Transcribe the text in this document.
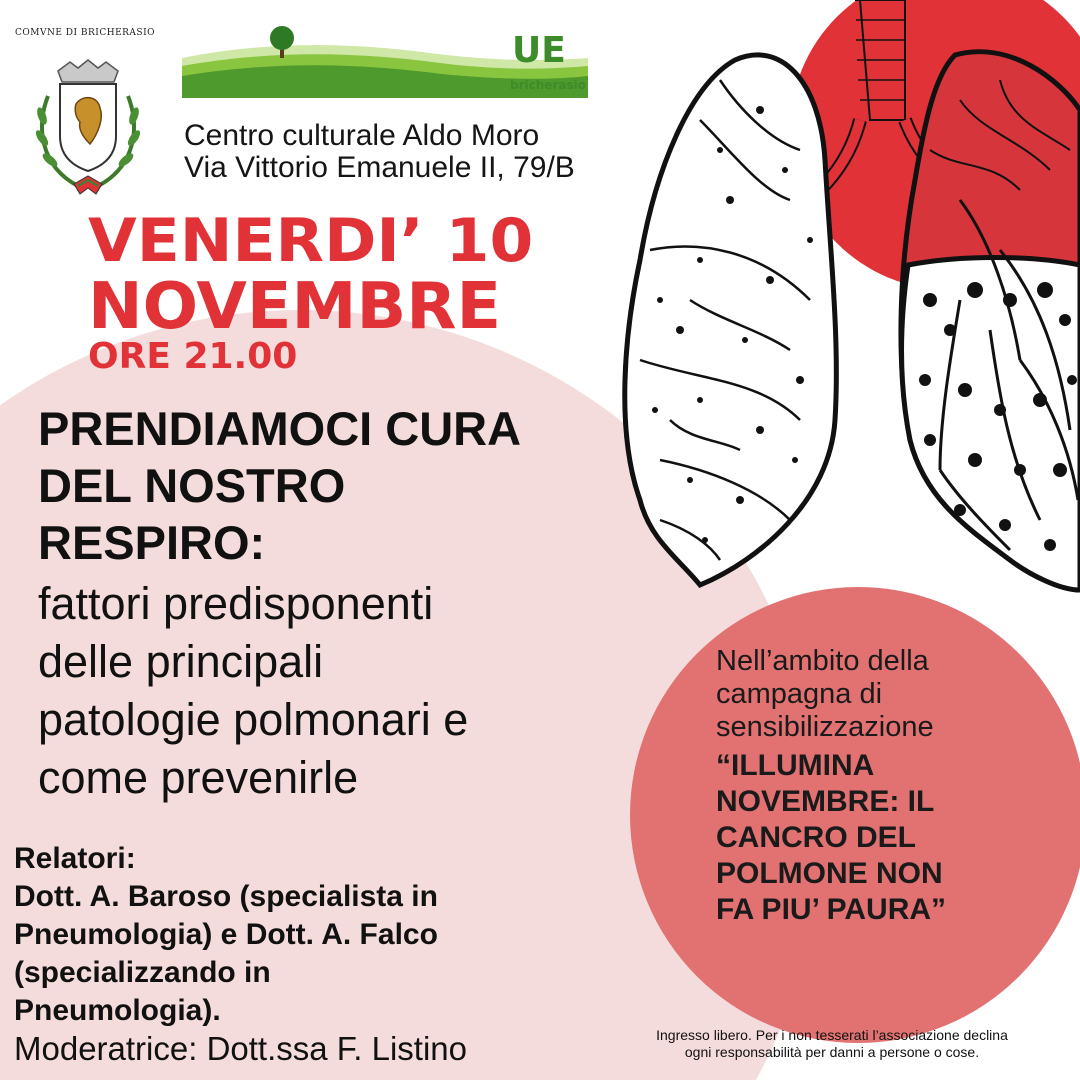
COMVNE DI BRICHERASIO	UE
bricherasio
Centro culturale Aldo Moro
Via Vittorio Emanuele II, 79/B
VENERDI’ 10
NOVEMBRE
ORE 21.00
PRENDIAMOCI CURA
DEL NOSTRO
RESPIRO:
fattori predisponenti
delle principali
patologie polmonari e
come prevenirle
Relatori:
Dott. A. Baroso (specialista in
Pneumologia) e Dott. A. Falco
(specializzando in
Pneumologia).
Moderatrice: Dott.ssa F. Listino
Nell’ambito della
campagna di
sensibilizzazione
“ILLUMINA
NOVEMBRE: IL
CANCRO DEL
POLMONE NON
FA PIU’ PAURA”
Ingresso libero. Per i non tesserati l’associazione declina
ogni responsabilità per danni a persone o cose.
